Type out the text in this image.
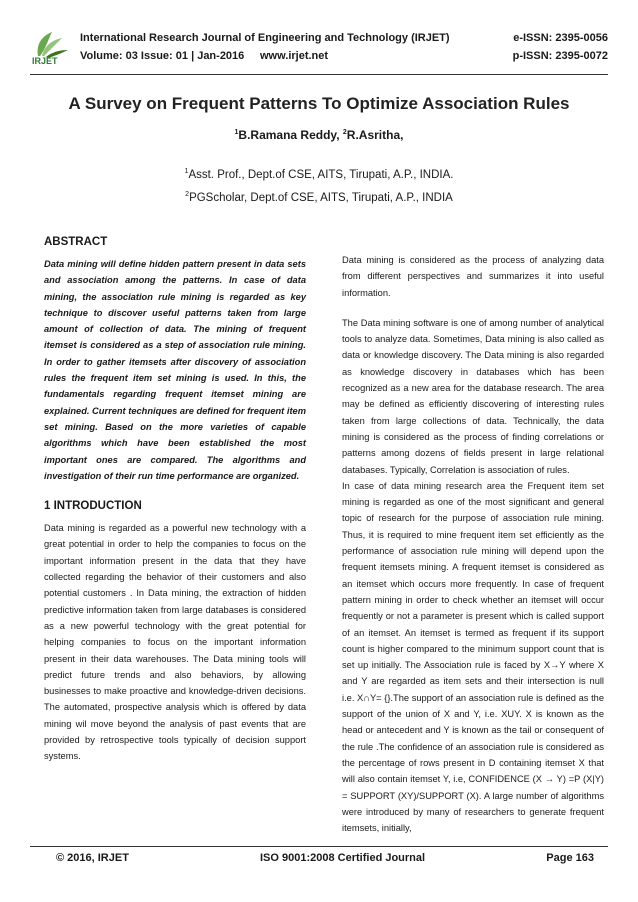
IRJET
International Research Journal of Engineering and Technology (IRJET)	e-ISSN: 2395-0056
Volume: 03 Issue: 01 | Jan-2016 www.irjet.net	p-ISSN: 2395-0072
A Survey on Frequent Patterns To Optimize Association Rules
$^1$B.Ramana Reddy, $^2$R.Asritha,
$^1$Asst. Prof., Dept.of CSE, AITS, Tirupati, A.P., INDIA.
$^2$PGScholar, Dept.of CSE, AITS, Tirupati, A.P., INDIA
ABSTRACT

Data mining will define hidden pattern present in data sets and association among the patterns. In case of data mining, the association rule mining is regarded as key technique to discover useful patterns taken from large amount of collection of data. The mining of frequent itemset is considered as a step of association rule mining. In order to gather itemsets after discovery of association rules the frequent item set mining is used. In this, the fundamentals regarding frequent itemset mining are explained. Current techniques are defined for frequent item set mining. Based on the more varieties of capable algorithms which have been established the most important ones are compared. The algorithms and investigation of their run time performance are organized.

1 INTRODUCTION

Data mining is regarded as a powerful new technology with a great potential in order to help the companies to focus on the important information present in the data that they have collected regarding the behavior of their customers and also potential customers . In Data mining, the extraction of hidden predictive information taken from large databases is considered as a new powerful technology with the great potential for helping companies to focus on the important information present in their data warehouses. The Data mining tools will predict future trends and also behaviors, by allowing businesses to make proactive and knowledge-driven decisions. The automated, prospective analysis which is offered by data mining wil move beyond the analysis of past events that are provided by retrospective tools typically of decision support systems.

Data mining is considered as the process of analyzing data from different perspectives and summarizes it into useful information.

The Data mining software is one of among number of analytical tools to analyze data. Sometimes, Data mining is also called as data or knowledge discovery. The Data mining is also regarded as knowledge discovery in databases which has been recognized as a new area for the database research. The area may be defined as efficiently discovering of interesting rules taken from large collections of data. Technically, the data mining is considered as the process of finding correlations or patterns among dozens of fields present in large relational databases. Typically, Correlation is association of rules.

In case of data mining research area the Frequent item set mining is regarded as one of the most significant and general topic of research for the purpose of association rule mining. Thus, it is required to mine frequent item set efficiently as the performance of association rule mining will depend upon the frequent itemsets mining. A frequent itemset is considered as an itemset which occurs more frequently. In case of frequent pattern mining in order to check whether an itemset will occur frequently or not a parameter is present which is called support of an itemset. An itemset is termed as frequent if its support count is higher compared to the minimum support count that is set up initially. The Association rule is faced by X→Y where X and Y are regarded as item sets and their intersection is null i.e. X∩Y= {}.The support of an association rule is defined as the support of the union of X and Y, i.e. XUY. X is known as the head or antecedent and Y is known as the tail or consequent of the rule .The confidence of an association rule is considered as the percentage of rows present in D containing itemset X that will also contain itemset Y, i.e, CONFIDENCE (X → Y) =P (X|Y) = SUPPORT (XY)/SUPPORT (X). A large number of algorithms were introduced by many of researchers to generate frequent itemsets, initially,

© 2016, IRJET	ISO 9001:2008 Certified Journal	Page 163
